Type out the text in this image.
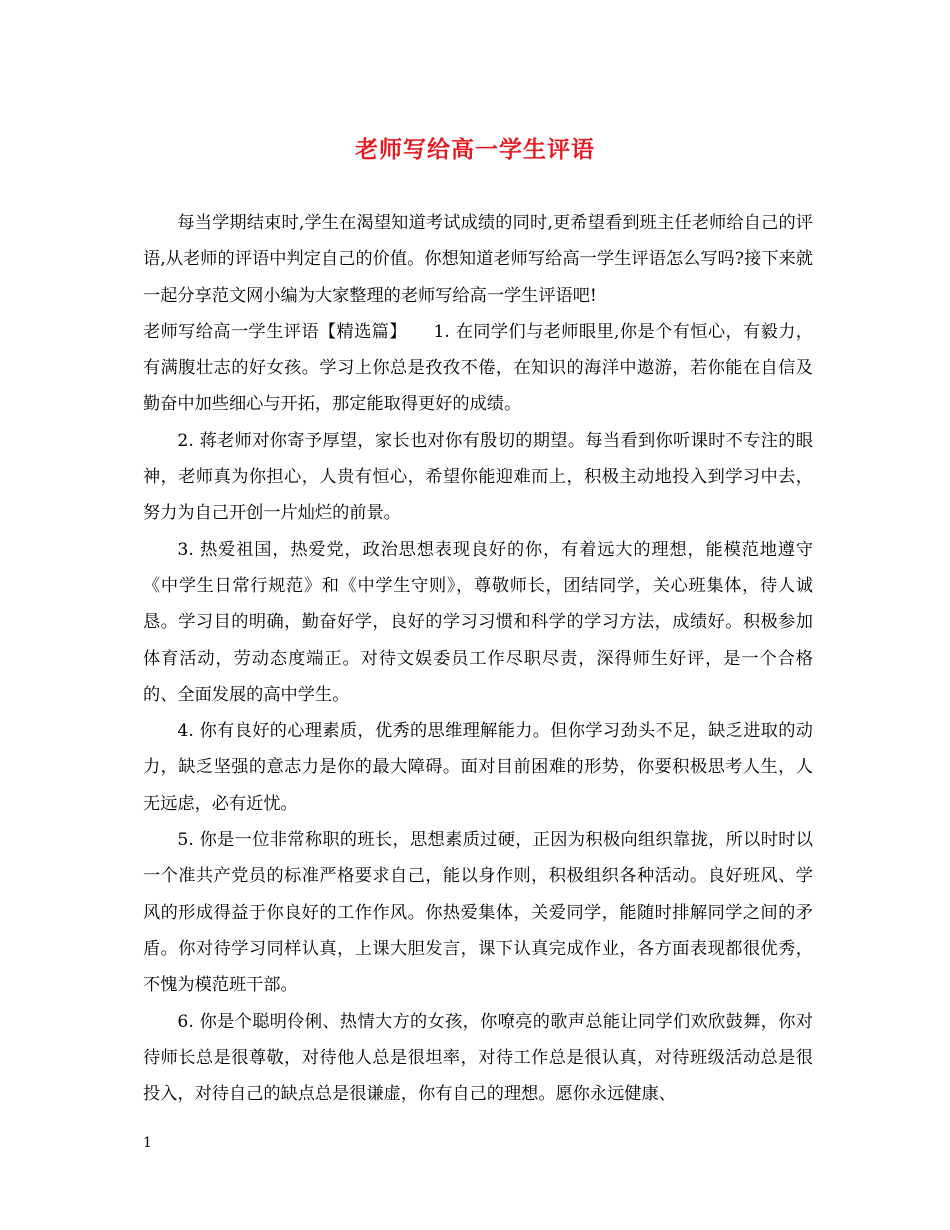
老师写给高一学生评语

每当学期结束时,学生在渴望知道考试成绩的同时,更希望看到班主任老师给自己的评语,从老师的评语中判定自己的价值。你想知道老师写给高一学生评语怎么写吗?接下来就一起分享范文网小编为大家整理的老师写给高一学生评语吧!

老师写给高一学生评语【精选篇】　　1. 在同学们与老师眼里,你是个有恒心，有毅力，有满腹壮志的好女孩。学习上你总是孜孜不倦，在知识的海洋中遨游，若你能在自信及勤奋中加些细心与开拓，那定能取得更好的成绩。

2. 蒋老师对你寄予厚望，家长也对你有殷切的期望。每当看到你听课时不专注的眼神，老师真为你担心，人贵有恒心，希望你能迎难而上，积极主动地投入到学习中去，努力为自己开创一片灿烂的前景。

3. 热爱祖国，热爱党，政治思想表现良好的你，有着远大的理想，能模范地遵守《中学生日常行规范》和《中学生守则》，尊敬师长，团结同学，关心班集体，待人诚恳。学习目的明确，勤奋好学，良好的学习习惯和科学的学习方法，成绩好。积极参加体育活动，劳动态度端正。对待文娱委员工作尽职尽责，深得师生好评，是一个合格的、全面发展的高中学生。

4. 你有良好的心理素质，优秀的思维理解能力。但你学习劲头不足，缺乏进取的动力，缺乏坚强的意志力是你的最大障碍。面对目前困难的形势，你要积极思考人生，人无远虑，必有近忧。

5. 你是一位非常称职的班长，思想素质过硬，正因为积极向组织靠拢，所以时时以一个准共产党员的标准严格要求自己，能以身作则，积极组织各种活动。良好班风、学风的形成得益于你良好的工作作风。你热爱集体，关爱同学，能随时排解同学之间的矛盾。你对待学习同样认真，上课大胆发言，课下认真完成作业，各方面表现都很优秀，不愧为模范班干部。

6. 你是个聪明伶俐、热情大方的女孩，你嘹亮的歌声总能让同学们欢欣鼓舞，你对待师长总是很尊敬，对待他人总是很坦率，对待工作总是很认真，对待班级活动总是很投入，对待自己的缺点总是很谦虚，你有自己的理想。愿你永远健康、

1
